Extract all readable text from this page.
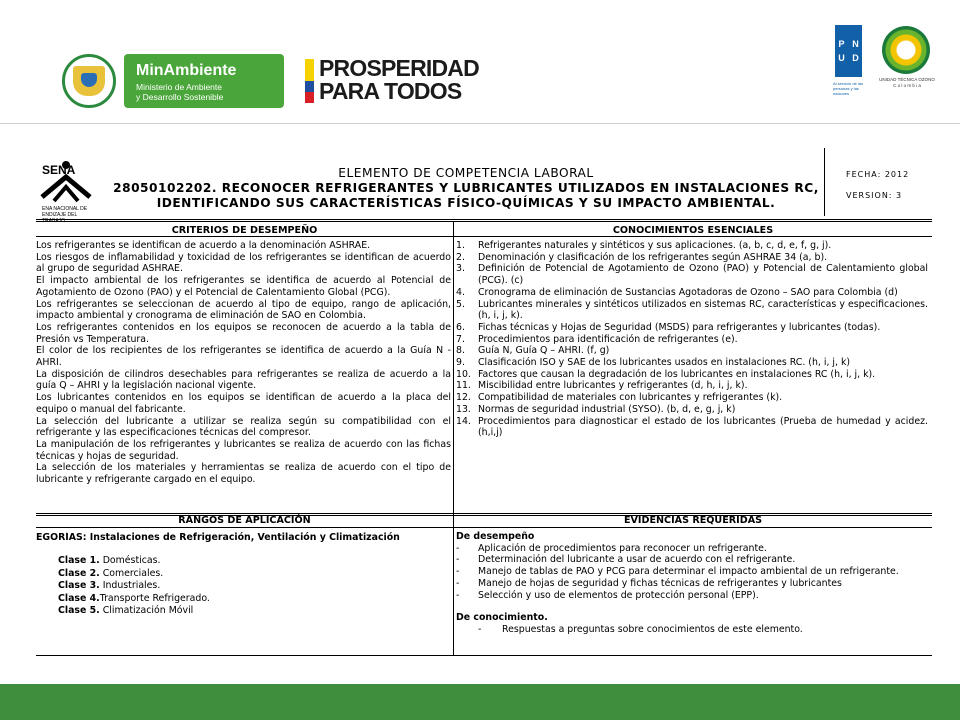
MinAmbiente
Ministerio de Ambiente
y Desarrollo Sostenible
PROSPERIDAD
PARA TODOS
P N
U D
Al servicio de las personas y las naciones
UNIDAD TÉCNICA OZONO
C o l o m b i a
SENA
ENA NACIONAL DE ENDIZAJE DEL TRABAJO
ELEMENTO DE COMPETENCIA LABORAL
28050102202. RECONOCER REFRIGERANTES Y LUBRICANTES UTILIZADOS EN INSTALACIONES RC,
IDENTIFICANDO SUS CARACTERÍSTICAS FÍSICO-QUÍMICAS Y SU IMPACTO AMBIENTAL.
FECHA: 2012
VERSION: 3
CRITERIOS DE DESEMPEÑO	CONOCIMIENTOS ESENCIALES

Los refrigerantes se identifican de acuerdo a la denominación ASHRAE.

Los riesgos de inflamabilidad y toxicidad de los refrigerantes se identifican de acuerdo al grupo de seguridad ASHRAE.

El impacto ambiental de los refrigerantes se identifica de acuerdo al Potencial de Agotamiento de Ozono (PAO) y el Potencial de Calentamiento Global (PCG).

Los refrigerantes se seleccionan de acuerdo al tipo de equipo, rango de aplicación, impacto ambiental y cronograma de eliminación de SAO en Colombia.

Los refrigerantes contenidos en los equipos se reconocen de acuerdo a la tabla de Presión vs Temperatura.

El color de los recipientes de los refrigerantes se identifica de acuerdo a la Guía N - AHRI.

La disposición de cilindros desechables para refrigerantes se realiza de acuerdo a la guía Q – AHRI y la legislación nacional vigente.

Los lubricantes contenidos en los equipos se identifican de acuerdo a la placa del equipo o manual del fabricante.

La selección del lubricante a utilizar se realiza según su compatibilidad con el refrigerante y las especificaciones técnicas del compresor.

La manipulación de los refrigerantes y lubricantes se realiza de acuerdo con las fichas técnicas y hojas de seguridad.

La selección de los materiales y herramientas se realiza de acuerdo con el tipo de lubricante y refrigerante cargado en el equipo.

1.	Refrigerantes naturales y sintéticos y sus aplicaciones. (a, b, c, d, e, f, g, j).
2.	Denominación y clasificación de los refrigerantes según ASHRAE 34 (a, b).
3.	Definición de Potencial de Agotamiento de Ozono (PAO) y Potencial de Calentamiento global (PCG). (c)
4.	Cronograma de eliminación de Sustancias Agotadoras de Ozono – SAO para Colombia (d)
5.	Lubricantes minerales y sintéticos utilizados en sistemas RC, características y especificaciones. (h, i, j, k).
6.	Fichas técnicas y Hojas de Seguridad (MSDS) para refrigerantes y lubricantes (todas).
7.	Procedimientos para identificación de refrigerantes (e).
8.	Guía N, Guía Q – AHRI. (f, g)
9.	Clasificación ISO y SAE de los lubricantes usados en instalaciones RC. (h, i, j, k)
10. Factores que causan la degradación de los lubricantes en instalaciones RC (h, i, j, k).
11. Miscibilidad entre lubricantes y refrigerantes (d, h, i, j, k).
12. Compatibilidad de materiales con lubricantes y refrigerantes (k).
13. Normas de seguridad industrial (SYSO). (b, d, e, g, j, k)
14. Procedimientos para diagnosticar el estado de los lubricantes (Prueba de humedad y acidez. (h,i,j)
RANGOS DE APLICACIÓN	EVIDENCIAS REQUERIDAS
EGORÍAS: Instalaciones de Refrigeración, Ventilación y Climatización
Clase 1. Domésticas.
Clase 2. Comerciales.
Clase 3. Industriales.
Clase 4.Transporte Refrigerado.
Clase 5. Climatización Móvil
De desempeño
-	Aplicación de procedimientos para reconocer un refrigerante.
-	Determinación del lubricante a usar de acuerdo con el refrigerante.
-	Manejo de tablas de PAO y PCG para determinar el impacto ambiental de un refrigerante.
-	Manejo de hojas de seguridad y fichas técnicas de refrigerantes y lubricantes
-	Selección y uso de elementos de protección personal (EPP).
De conocimiento.
-	Respuestas a preguntas sobre conocimientos de este elemento.
